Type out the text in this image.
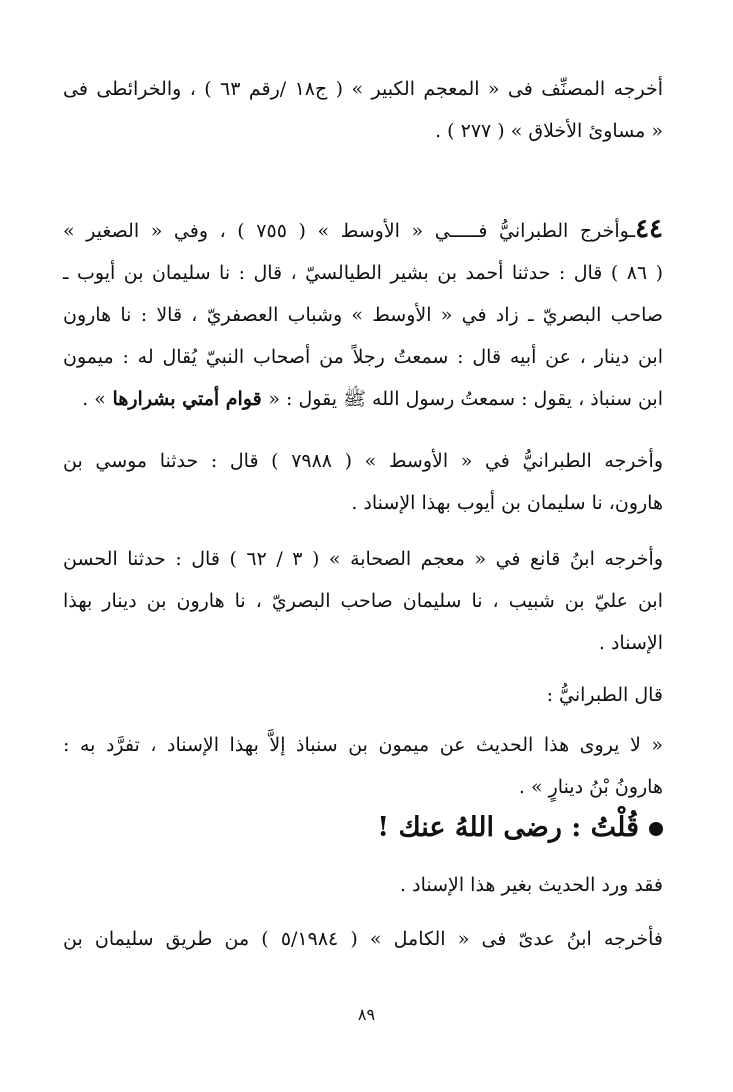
أخرجه المصنِّف فى « المعجم الكبير » ( ج١٨ /رقم ٦٣ ) ، والخرائطى فى
« مساوئ الأخلاق » ( ٢٧٧ ) .
٤٤ـوأخرج الطبرانيُّ فـــــي « الأوسط » ( ٧٥٥ ) ، وفي « الصغير »
( ٨٦ ) قال : حدثنا أحمد بن بشير الطيالسيّ ، قال : نا سليمان بن أيوب ـ
صاحب البصريّ ـ زاد في « الأوسط » وشباب العصفريّ ، قالا : نا هارون
ابن دينار ، عن أبيه قال : سمعتُ رجلاً من أصحاب النبيّ يُقال له : ميمون
ابن سنباذ ، يقول : سمعتُ رسول الله ﷺ يقول : « قوام أمتي بشرارها » .
وأخرجه الطبرانيُّ في « الأوسط » ( ٧٩٨٨ ) قال : حدثنا موسي بن
هارون، نا سليمان بن أيوب بهذا الإسناد .
وأخرجه ابنُ قانع في « معجم الصحابة » ( ٣ / ٦٢ ) قال : حدثنا الحسن
ابن عليّ بن شبيب ، نا سليمان صاحب البصريّ ، نا هارون بن دينار بهذا
الإسناد .
قال الطبرانيُّ :
« لا يروى هذا الحديث عن ميمون بن سنباذ إلاَّ بهذا الإسناد ، تفرَّد به :
هارونُ بْنُ دينارٍ » .
قُلْتُ : رضى اللهُ عنك !
فقد ورد الحديث بغير هذا الإسناد .
فأخرجه ابنُ عدىّ فى « الكامل » ( ٥/١٩٨٤ ) من طريق سليمان بن
٨٩
